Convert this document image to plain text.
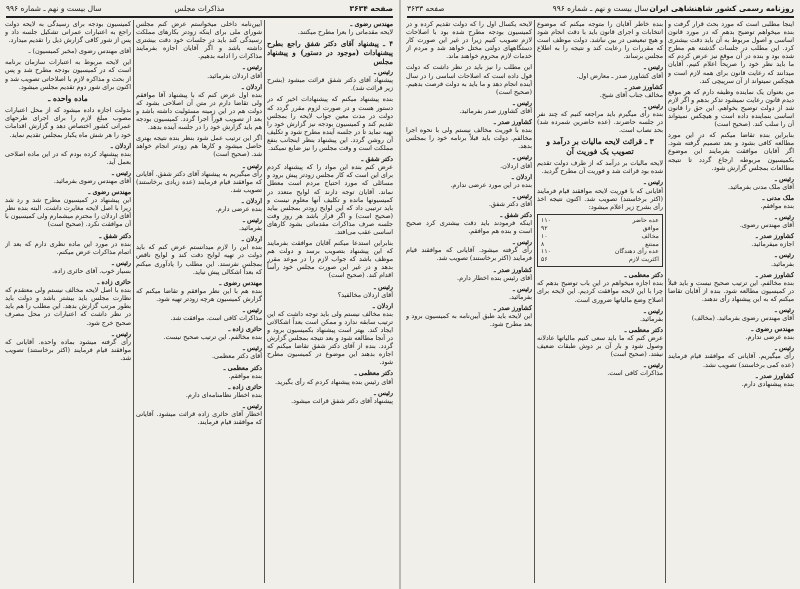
صفحه ۳۶۳۴
مذاکرات مجلس
سال بیست و نهم ـ شماره ۹۹۶
مهندس رضوی ـ

لایحه مقدماتی را بعرا مطرح میکنند.

۴ ـ پیشنهاد آقای دکتر شفق راجع بطرح پیشنهادات (موجود در دستور) و پیشنهاد مجلس

رئیس ـ

پیشنهاد آقای دکتر شفق قرائت میشود (بشرح زیر قرائت شد).

بنده پیشنهاد میکنم که پیشنهادات اخیر که در دستور هست و در صورت لزوم مقرر گردد که دولت در مدت معین جواب لایحه را بمجلس تقدیم کند و کمیسیون بودجه نیز گزارش خود را تهیه نماید تا در جلسه آینده مطرح شود و تکلیف آن روشن گردد. این پیشنهاد بنظر اینجانب بنفع مملکت است و وقت مجلس را نیز ضایع نمیکند.

دکتر شفق ـ

عرض کنم بنده این مواد را که پیشنهاد کردم برای این است که کار مجلس زودتر پیش برود و مسائلی که مورد احتیاج مردم است معطل نماند. آقایان توجه دارند که لوایح متعدد در کمیسیونها مانده و تکلیف آنها معلوم نیست و باید ترتیبی داد که این لوایح زودتر بمجلس بیاید (صحیح است) و اگر قرار باشد هر روز وقت جلسه صرف مذاکرات مقدماتی بشود کارهای اساسی عقب می‌افتد.

بنابراین استدعا میکنم آقایان موافقت بفرمایند که این پیشنهاد بتصویب برسد و دولت هم موظف باشد که جواب لازم را در موعد مقرر بدهد و در غیر این صورت مجلس خود رأساً اقدام کند. (صحیح است)

رئیس ـ

آقای اردلان مخالفید؟

اردلان ـ

بنده مخالف نیستم ولی باید توجه داشت که این ترتیب سابقه ندارد و ممکن است بعداً اشکالاتی ایجاد کند. بهتر است پیشنهاد بکمیسیون برود و در آنجا مطالعه شود و بعد نتیجه بمجلس گزارش گردد. بنده از آقای دکتر شفق تقاضا میکنم که اجازه بدهند این موضوع در کمیسیون مطرح شود.

دکتر معظمی ـ

آقای رئیس بنده پیشنهاد کردم که رأی بگیرید.

رئیس ـ

پیشنهاد آقای دکتر شفق قرائت میشود.

آیین‌نامه داخلی میخواستم عرض کنم مجلس شورای ملی برای اینکه زودتر بکارهای مملکت رسیدگی کند باید در جلسات خود دقت بیشتری داشته باشد و اگر آقایان اجازه بفرمایند مذاکرات را ادامه بدهیم.

رئیس ـ

آقای اردلان بفرمائید.

اردلان ـ

بنده اول عرض کنم که با پیشنهاد آقا موافقم ولی تقاضا دارم در متن آن اصلاحی بشود که دولت هم در این زمینه مسئولیت داشته باشد و بعد از تصویب فوراً اجرا گردد. کمیسیون بودجه هم باید گزارش خود را در جلسه آینده بدهد.

اگر این ترتیب عمل شود بنظر بنده نتیجه بهتری حاصل میشود و کارها هم زودتر انجام خواهد شد. (صحیح است)

رئیس ـ

رأی میگیریم به پیشنهاد آقای دکتر شفق. آقایانی که موافقند قیام فرمایند (عده زیادی برخاستند) تصویب شد.

اردلان ـ

بنده عرضی دارم.

رئیس ـ

بفرمائید.

اردلان ـ

بنده این را لازم میدانستم عرض کنم که باید دولت در تهیه لوایح دقت کند و لوایح ناقص بمجلس نفرستد. این مطلب را یادآوری میکنم که بعداً اشکالی پیش نیاید.

مهندس رضوی ـ

بنده هم با این نظر موافقم و تقاضا میکنم که گزارش کمیسیون هرچه زودتر تهیه شود.

رئیس ـ

مذاکرات کافی است. موافقت شد.

حائری زاده ـ

بنده مخالفم. این ترتیب صحیح نیست.

رئیس ـ

آقای دکتر معظمی.

دکتر معظمی ـ

بنده موافقم.

حائری زاده ـ

بنده اخطار نظامنامه‌ای دارم.

رئیس ـ

اخطار آقای حائری زاده قرائت میشود. آقایانی که موافقند قیام فرمایند.

کمیسیون بودجه برای رسیدگی به لایحه دولت راجع به اعتبارات عمرانی تشکیل جلسه داد و پس از شور کافی گزارش ذیل را تقدیم میدارد.

آقای مهندس رضوی (مخبر کمیسیون) ـ

این لایحه مربوط به اعتبارات سازمان برنامه است که در کمیسیون بودجه مطرح شد و پس از بحث و مذاکره لازم با اصلاحاتی تصویب شد و اکنون برای شور دوم تقدیم مجلس میشود.

ماده واحده ـ

بدولت اجازه داده میشود که از محل اعتبارات مصوب مبلغ لازم را برای اجرای طرحهای عمرانی کشور اختصاص دهد و گزارش اقدامات خود را هر شش ماه یکبار بمجلس تقدیم نماید.

اردلان ـ

بنده پیشنهاد کرده بودم که در این ماده اصلاحی بعمل آید.

رئیس ـ

آقای مهندس رضوی بفرمائید.

مهندس رضوی ـ

این پیشنهاد در کمیسیون مطرح شد و رد شد زیرا با اصل لایحه مغایرت داشت. البته بنده نظر آقای اردلان را محترم میشمارم ولی کمیسیون با آن موافقت نکرد. (صحیح است)

دکتر شفق ـ

بنده در مورد این ماده نظری دارم که بعد از اتمام مذاکرات عرض میکنم.

رئیس ـ

بسیار خوب. آقای حائری زاده.

حائری زاده ـ

بنده با اصل لایحه مخالف نیستم ولی معتقدم که نظارت مجلس باید بیشتر باشد و دولت باید بطور مرتب گزارش بدهد. این مطلب را هم باید در نظر داشت که اعتبارات در محل مصرف صحیح خرج شود.

رئیس ـ

رأی گرفته میشود بماده واحده. آقایانی که موافقند قیام فرمایند (اکثر برخاستند) تصویب شد.

روزنامه رسمی کشور شاهنشاهی ایران
سال بیست و نهم ـ شماره ۹۹۶
صفحه ۳۶۳۳

اینجا مطلبی است که مورد بحث قرار گرفت و بنده میخواهم توضیح بدهم که در مورد قانون اساسی و اصول مربوط به آن باید دقت بیشتری کرد. این مطلب در جلسات گذشته هم مطرح شده بود و بنده در آن موقع نیز عرض کردم که ما باید نظر خود را صریحاً اعلام کنیم. آقایان میدانند که رعایت قانون برای همه لازم است و هیچکس نمیتواند از آن سرپیچی کند.

من بعنوان یک نماینده وظیفه دارم که هر موقع دیدم قانون رعایت نمیشود تذکر بدهم و اگر لازم شد از دولت توضیح بخواهم. این حق را قانون اساسی بنماینده داده است و هیچکس نمیتواند آن را سلب کند. (صحیح است)

بنابراین بنده تقاضا میکنم که در این مورد مطالعه کافی بشود و بعد تصمیم گرفته شود. اگر آقایان موافقت بفرمایند این موضوع بکمیسیون مربوطه ارجاع گردد تا نتیجه مطالعات بمجلس گزارش شود.

رئیس ـ

آقای ملک مدنی بفرمائید.

ملک مدنی ـ

بنده موافقم.

رئیس ـ

آقای مهندس رضوی.

کشاورز صدر ـ

اجازه میفرمائید.

رئیس ـ

بفرمائید.

کشاورز صدر ـ

بنده مخالفم. این ترتیب صحیح نیست و باید قبلاً در کمیسیون مطالعه شود. بنده از آقایان تقاضا میکنم که به این پیشنهاد رأی ندهند.

رئیس ـ

آقای مهندس رضوی بفرمائید. (مخالف)

مهندس رضوی ـ

بنده عرضی ندارم.

رئیس ـ

رأی میگیریم. آقایانی که موافقند قیام فرمایند (عده کمی برخاستند) تصویب نشد.

کشاورز صدر ـ

بنده پیشنهادی دارم.

بنده خاطر آقایان را متوجه میکنم که موضوع انتخابات و اجرای قانون باید با دقت انجام شود و هیچ تبعیضی در بین نباشد. دولت موظف است که مقررات را رعایت کند و نتیجه را به اطلاع مجلس برساند.

رئیس ـ

آقای کشاورز صدر ـ معارض اول.

کشاورز صدر ـ

مخالف جناب آقای شیخ.

رئیس ـ

بنده رأی میگیرم باید مراجعه کنیم که چند نفر در جلسه حاضرند. (عده حاضرین شمرده شد) بحد نصاب است.

۳ ـ قرائت لایحه مالیات بر درآمد و تصویب یک فوریت آن

لایحه مالیات بر درآمد که از طرف دولت تقدیم شده بود قرائت شد و فوریت آن مطرح گردید.

رئیس ـ

آقایانی که با فوریت لایحه موافقند قیام فرمایند (اکثر برخاستند) تصویب شد. اکنون نتیجه اخذ رأی بشرح زیر اعلام میشود:

عده حاضر
۱۱۰
موافق
۹۲
مخالف
۱۰
ممتنع
۸
عده رأی دهندگان
۱۱۰
اکثریت لازم
۵۶
دکتر معظمی ـ

بنده اجازه میخواهم در این باب توضیح بدهم که چرا با این لایحه موافقت کردیم. این لایحه برای اصلاح وضع مالیاتها ضروری است.

رئیس ـ

بفرمائید.

دکتر معظمی ـ

عرض کنم که ما باید سعی کنیم مالیاتها عادلانه وصول شود و بار آن بر دوش طبقات ضعیف نیفتد. (صحیح است)

رئیس ـ

مذاکرات کافی است.

لایحه یکسال اول را که دولت تقدیم کرده و در کمیسیون بودجه مطرح شده بود با اصلاحات لازم تصویب کنیم زیرا در غیر این صورت کار دستگاههای دولتی مختل خواهد شد و مردم از خدمات لازم محروم خواهند ماند.

این مطلب را نیز باید در نظر داشت که دولت قول داده است که اصلاحات اساسی را در سال آینده انجام دهد و ما باید به دولت فرصت بدهیم. (صحیح است)

رئیس ـ

آقای کشاورز صدر بفرمائید.

کشاورز صدر ـ

بنده با فوریت مخالف نیستم ولی با نحوه اجرا مخالفم. دولت باید قبلاً برنامه خود را بمجلس بدهد.

رئیس ـ

آقای اردلان.

اردلان ـ

بنده در این مورد عرضی ندارم.

رئیس ـ

آقای دکتر شفق.

دکتر شفق ـ

اینکه فرمودند باید دقت بیشتری کرد صحیح است و بنده هم موافقم.

رئیس ـ

رأی گرفته میشود. آقایانی که موافقند قیام فرمایند (اکثر برخاستند) تصویب شد.

کشاورز صدر ـ

آقای رئیس بنده اخطار دارم.

رئیس ـ

بفرمائید.

کشاورز صدر ـ

این لایحه باید طبق آیین‌نامه به کمیسیون برود و بعد مطرح شود.
